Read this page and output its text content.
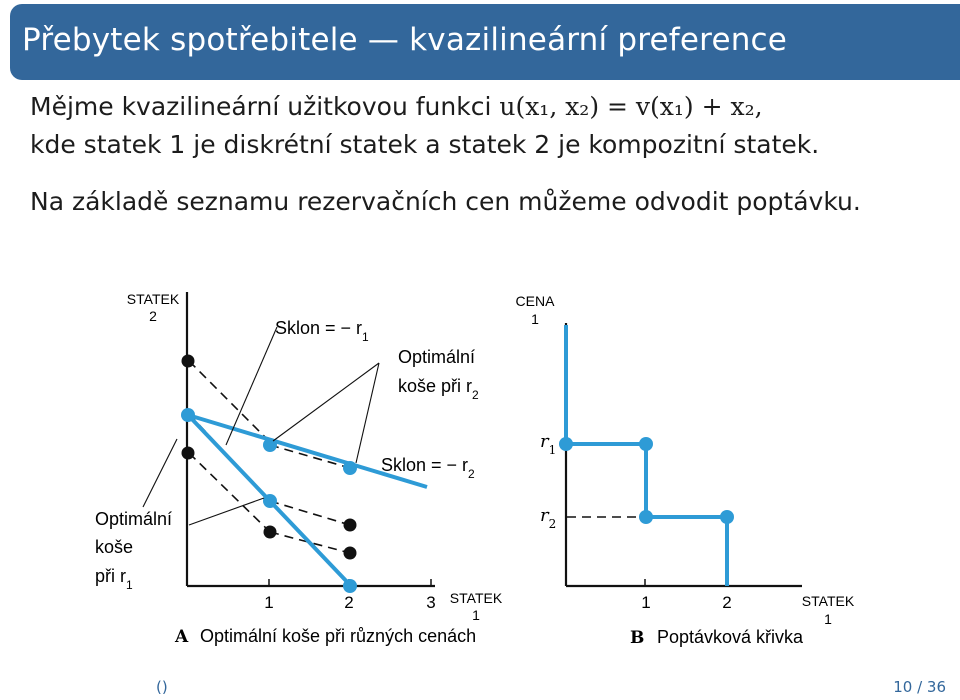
Přebytek spotřebitele — kvazilineární preference
Mějme kvazilineární užitkovou funkci u(x₁, x₂) = v(x₁) + x₂,
kde statek 1 je diskrétní statek a statek 2 je kompozitní statek.
Na základě seznamu rezervačních cen můžeme odvodit poptávku.
STATEK
2
STATEK
1
1	2	3
Sklon = − $r_1$
Optimální
koše při $r_2$
Sklon = − $r_2$
Optimální
koše
při $r_1$
A Optimální koše při různých cenách
CENA
1
STATEK
1
1	2
$r_1$
$r_2$
B Poptávková křivka
()	10 / 36
